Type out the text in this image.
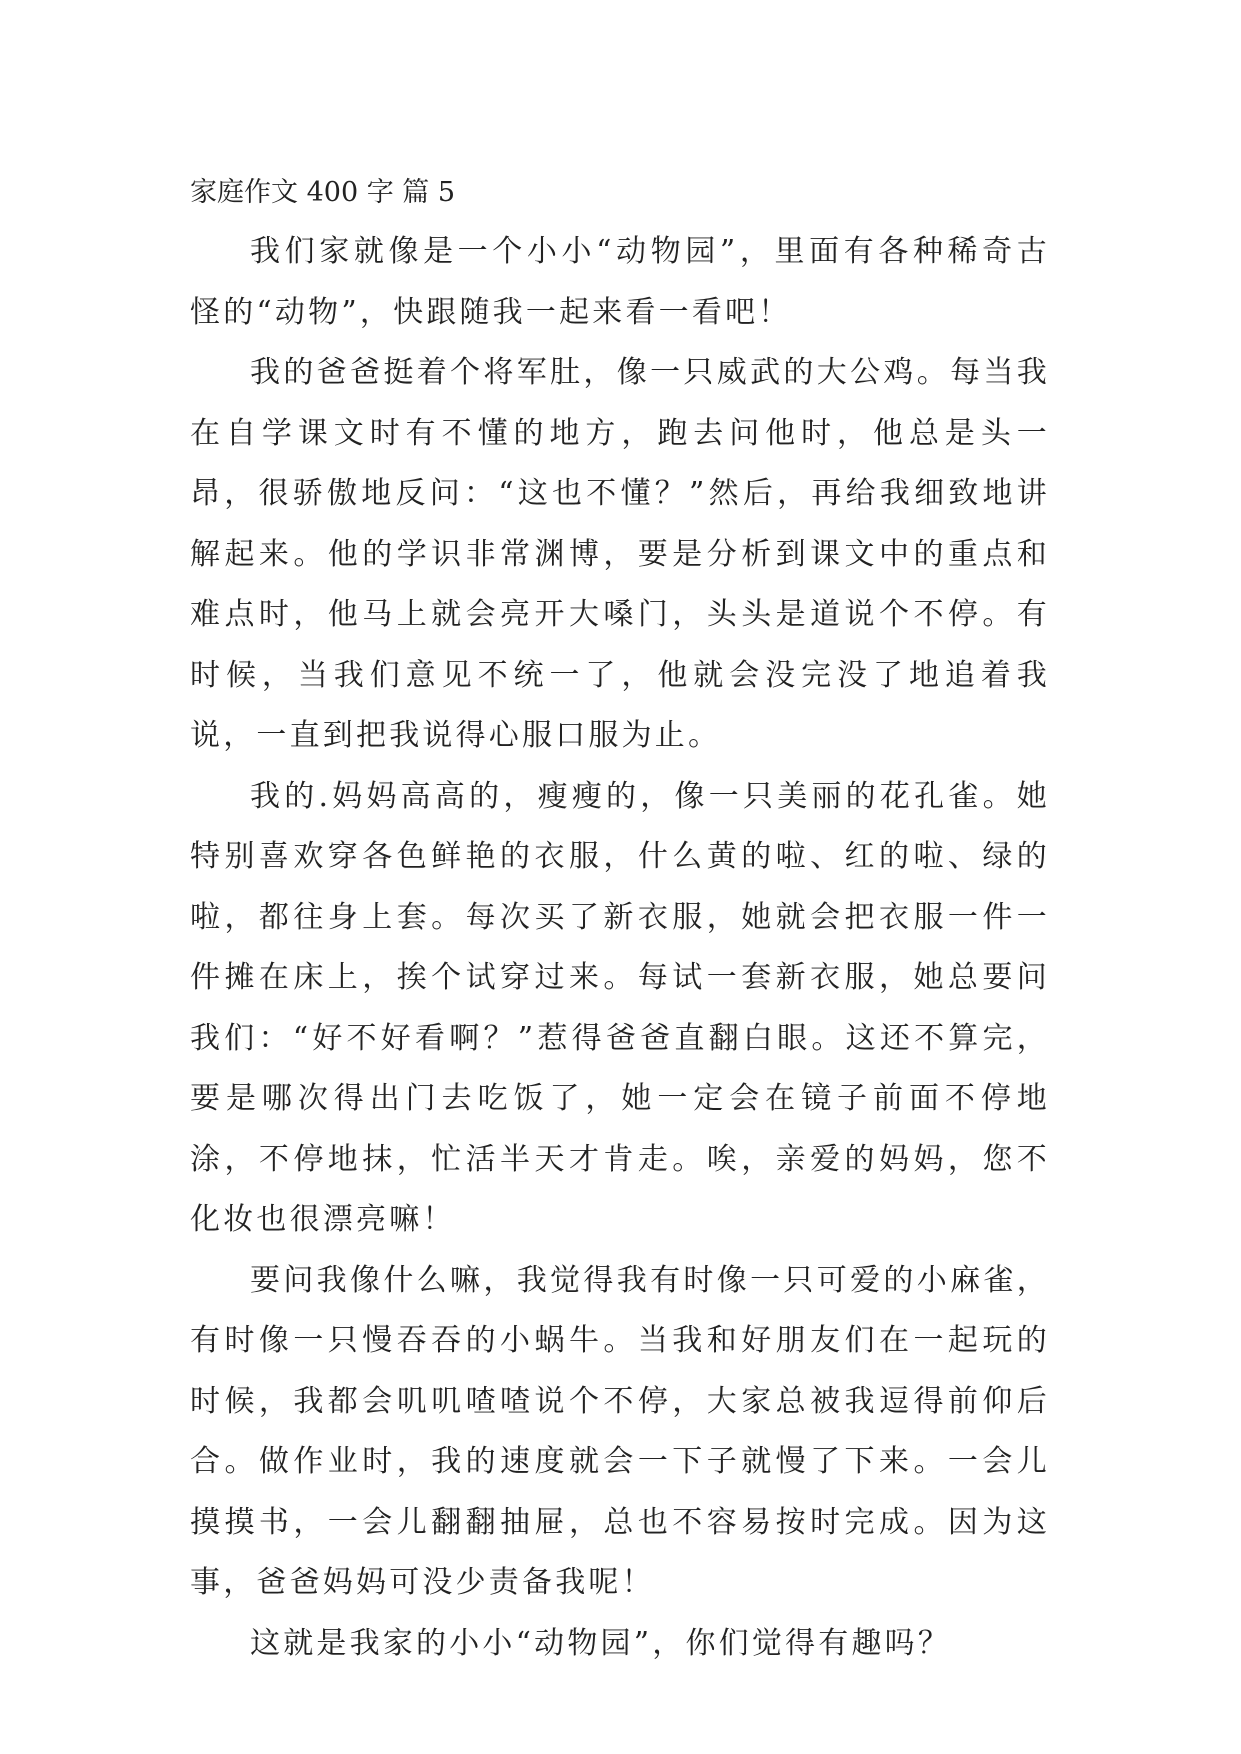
家庭作文 400 字 篇 5

我们家就像是一个小小“动物园”，里面有各种稀奇古怪的“动物”，快跟随我一起来看一看吧！

我的爸爸挺着个将军肚，像一只威武的大公鸡。每当我在自学课文时有不懂的地方，跑去问他时，他总是头一昂，很骄傲地反问：“这也不懂？”然后，再给我细致地讲解起来。他的学识非常渊博，要是分析到课文中的重点和难点时，他马上就会亮开大嗓门，头头是道说个不停。有时候，当我们意见不统一了，他就会没完没了地追着我说，一直到把我说得心服口服为止。

我的.妈妈高高的，瘦瘦的，像一只美丽的花孔雀。她特别喜欢穿各色鲜艳的衣服，什么黄的啦、红的啦、绿的啦，都往身上套。每次买了新衣服，她就会把衣服一件一件摊在床上，挨个试穿过来。每试一套新衣服，她总要问我们：“好不好看啊？”惹得爸爸直翻白眼。这还不算完，要是哪次得出门去吃饭了，她一定会在镜子前面不停地涂，不停地抹，忙活半天才肯走。唉，亲爱的妈妈，您不化妆也很漂亮嘛！

要问我像什么嘛，我觉得我有时像一只可爱的小麻雀，有时像一只慢吞吞的小蜗牛。当我和好朋友们在一起玩的时候，我都会叽叽喳喳说个不停，大家总被我逗得前仰后合。做作业时，我的速度就会一下子就慢了下来。一会儿摸摸书，一会儿翻翻抽屉，总也不容易按时完成。因为这事，爸爸妈妈可没少责备我呢！

这就是我家的小小“动物园”，你们觉得有趣吗？
